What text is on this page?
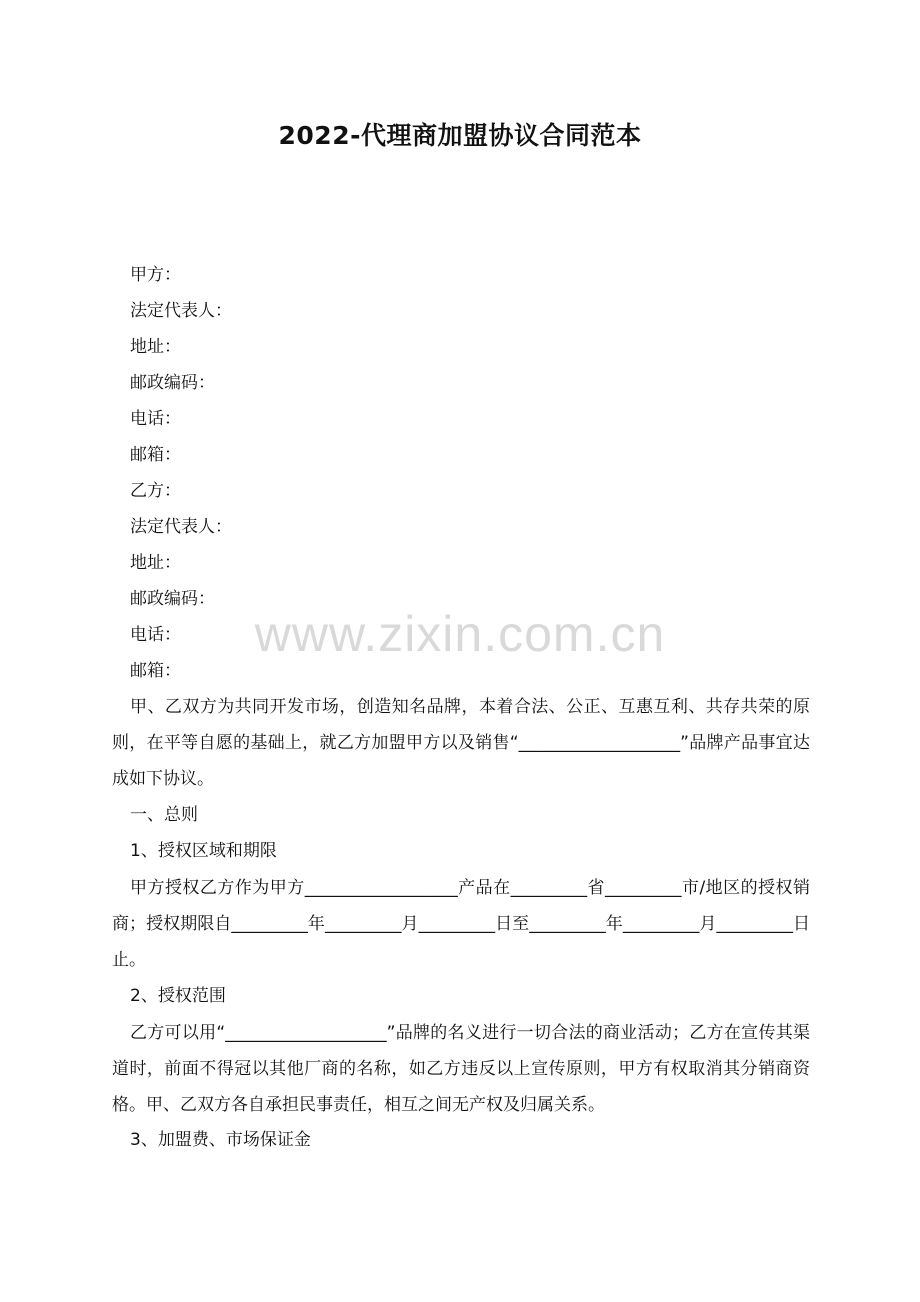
2022-代理商加盟协议合同范本
甲方：
法定代表人：
地址：
邮政编码：
电话：
邮箱：
乙方：
法定代表人：
地址：
邮政编码：
电话：
邮箱：
甲、乙双方为共同开发市场，创造知名品牌，本着合法、公正、互惠互利、共存共荣的原则，在平等自愿的基础上，就乙方加盟甲方以及销售“___________________”品牌产品事宜达成如下协议。
一、总则
1、授权区域和期限
甲方授权乙方作为甲方__________________产品在_________省_________市/地区的授权销商；授权期限自_________年_________月_________日至_________年_________月_________日止。
2、授权范围
乙方可以用“___________________”品牌的名义进行一切合法的商业活动；乙方在宣传其渠道时，前面不得冠以其他厂商的名称，如乙方违反以上宣传原则，甲方有权取消其分销商资格。甲、乙双方各自承担民事责任，相互之间无产权及归属关系。
3、加盟费、市场保证金
www.zixin.com.cn
